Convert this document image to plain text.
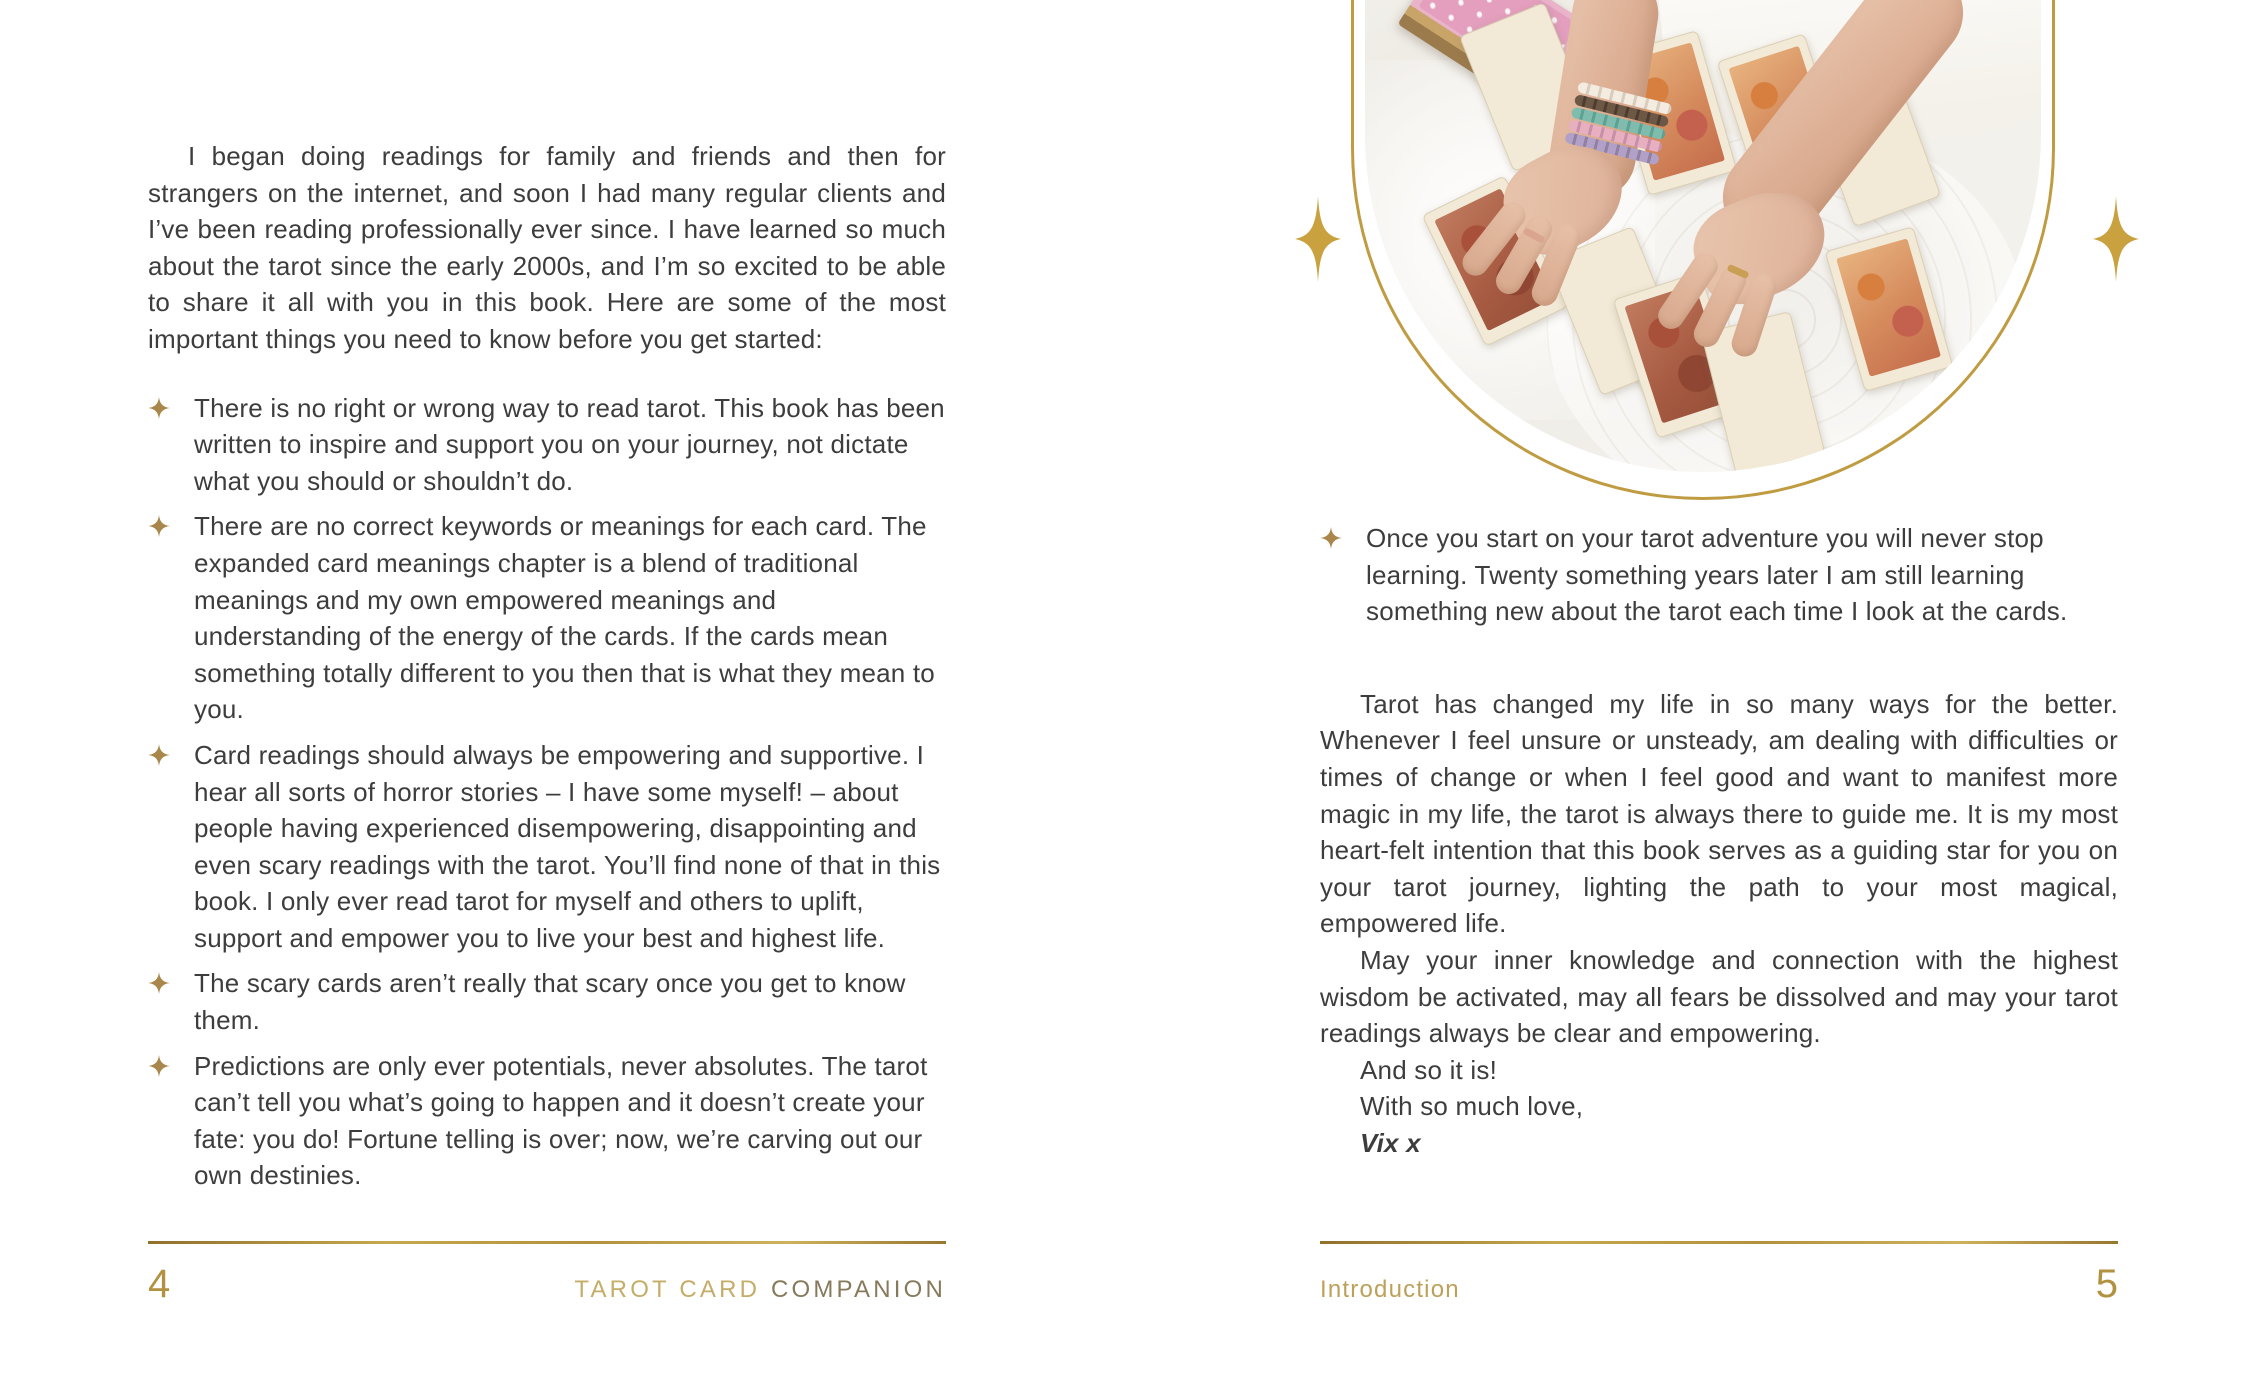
I began doing readings for family and friends and then for strangers on the internet, and soon I had many regular clients and I’ve been reading professionally ever since. I have learned so much about the tarot since the early 2000s, and I’m so excited to be able to share it all with you in this book. Here are some of the most important things you need to know before you get started:

There is no right or wrong way to read tarot. This book has been written to inspire and support you on your journey, not dictate what you should or shouldn’t do.
There are no correct keywords or meanings for each card. The expanded card meanings chapter is a blend of traditional meanings and my own empowered meanings and understanding of the energy of the cards. If the cards mean something totally different to you then that is what they mean to you.
Card readings should always be empowering and supportive. I hear all sorts of horror stories – I have some myself! – about people having experienced disempowering, disappointing and even scary readings with the tarot. You’ll find none of that in this book. I only ever read tarot for myself and others to uplift, support and empower you to live your best and highest life.
The scary cards aren’t really that scary once you get to know them.
Predictions are only ever potentials, never absolutes. The tarot can’t tell you what’s going to happen and it doesn’t create your fate: you do! Fortune telling is over; now, we’re carving out our own destinies.
4	TAROT CARD COMPANION
Once you start on your tarot adventure you will never stop learning. Twenty something years later I am still learning something new about the tarot each time I look at the cards.

Tarot has changed my life in so many ways for the better. Whenever I feel unsure or unsteady, am dealing with difficulties or times of change or when I feel good and want to manifest more magic in my life, the tarot is always there to guide me. It is my most heart-felt intention that this book serves as a guiding star for you on your tarot journey, lighting the path to your most magical, empowered life.

May your inner knowledge and connection with the highest wisdom be activated, may all fears be dissolved and may your tarot readings always be clear and empowering.

And so it is!

With so much love,

Vix x

Introduction	5
